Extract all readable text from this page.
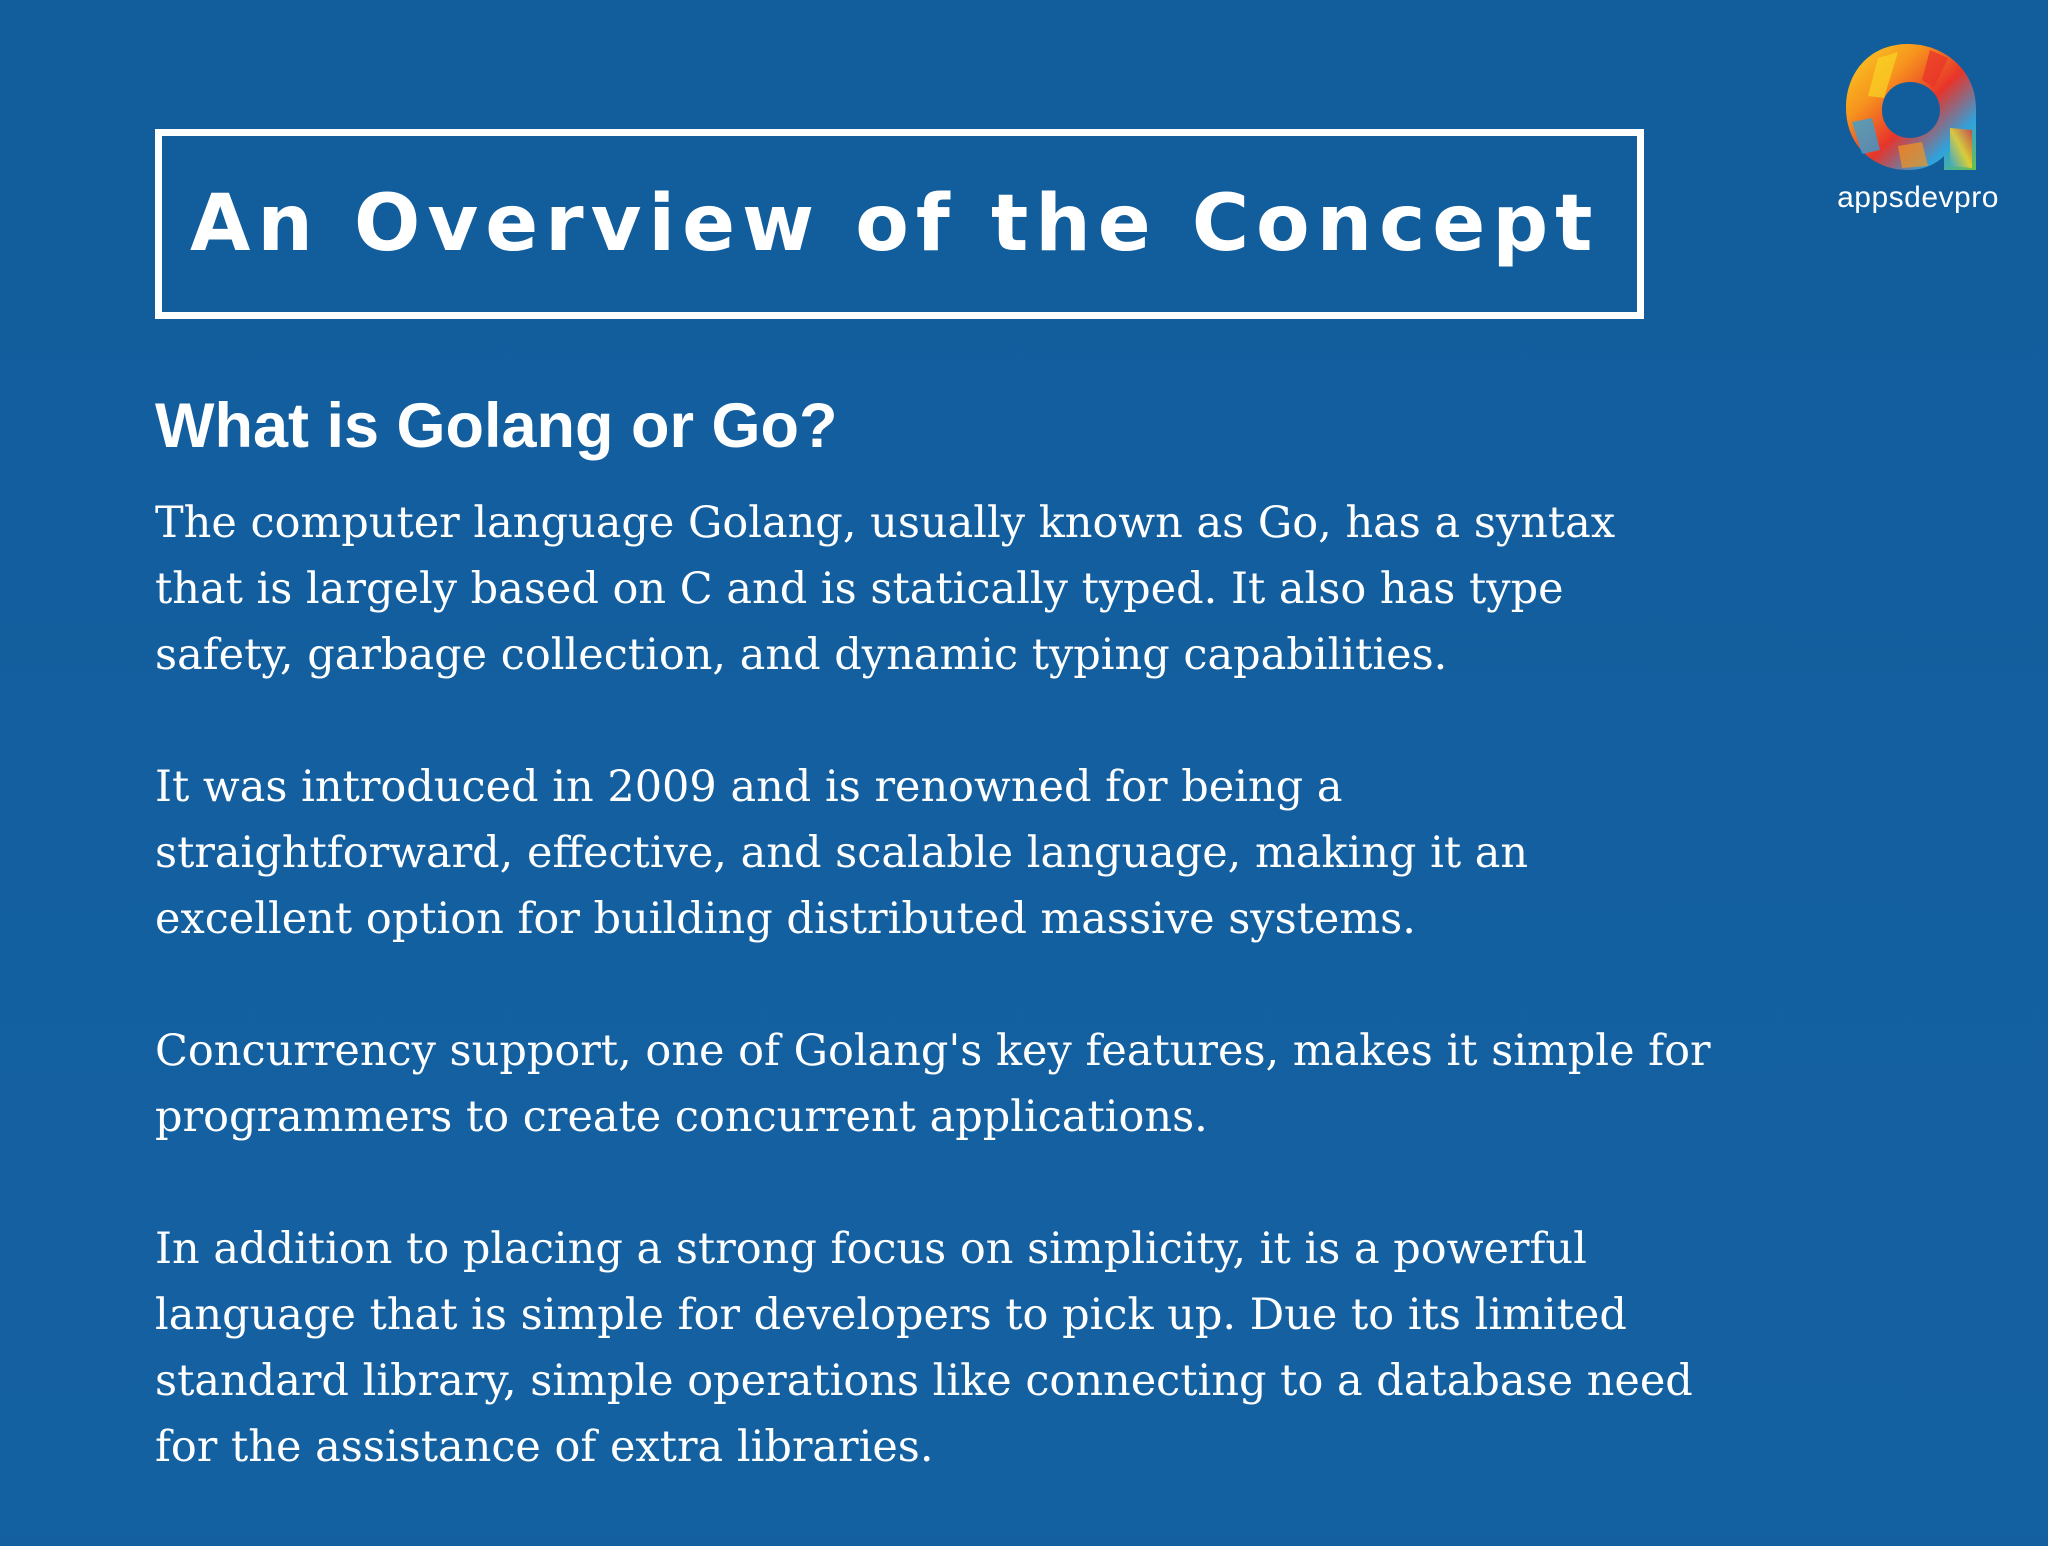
An Overview of the Concept
What is Golang or Go?

The computer language Golang, usually known as Go, has a syntax
that is largely based on C and is statically typed. It also has type
safety, garbage collection, and dynamic typing capabilities.

It was introduced in 2009 and is renowned for being a
straightforward, effective, and scalable language, making it an
excellent option for building distributed massive systems.

Concurrency support, one of Golang's key features, makes it simple for
programmers to create concurrent applications.

In addition to placing a strong focus on simplicity, it is a powerful
language that is simple for developers to pick up. Due to its limited
standard library, simple operations like connecting to a database need
for the assistance of extra libraries.

appsdevpro
